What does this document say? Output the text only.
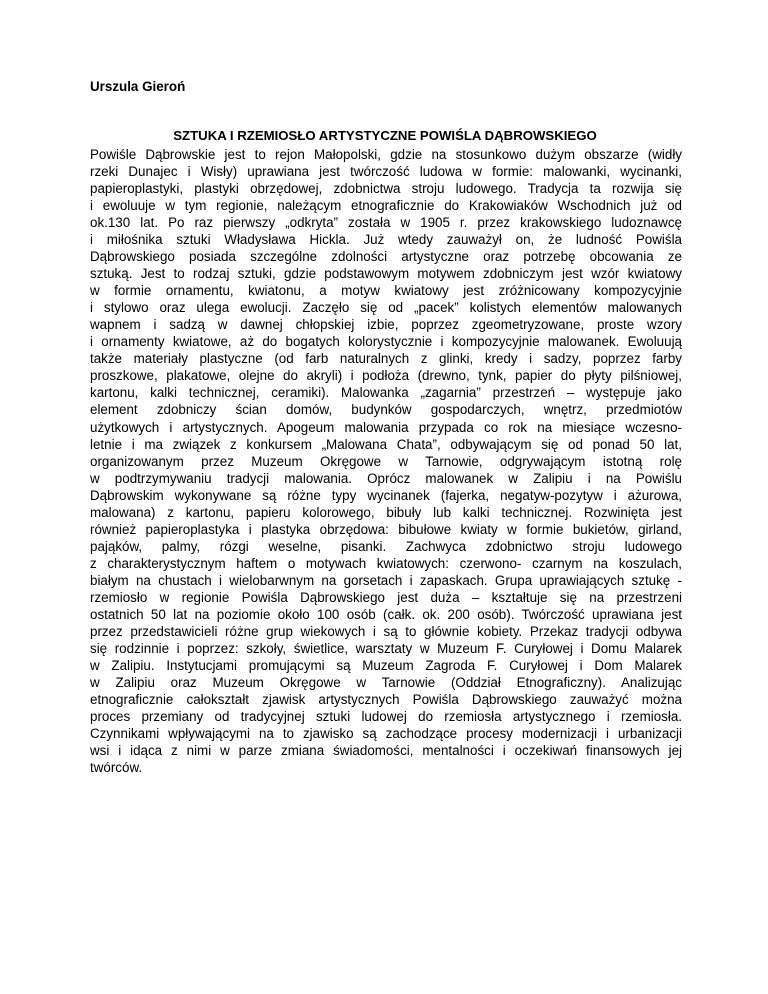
Urszula Gieroń
SZTUKA I RZEMIOSŁO ARTYSTYCZNE POWIŚLA DĄBROWSKIEGO
Powiśle Dąbrowskie jest to rejon Małopolski, gdzie na stosunkowo dużym obszarze (widły
rzeki Dunajec i Wisły) uprawiana jest twórczość ludowa w formie: malowanki, wycinanki,
papieroplastyki, plastyki obrzędowej, zdobnictwa stroju ludowego. Tradycja ta rozwija się
i ewoluuje w tym regionie, należącym etnograficznie do Krakowiaków Wschodnich już od
ok.130 lat. Po raz pierwszy „odkryta” została w 1905 r. przez krakowskiego ludoznawcę
i miłośnika sztuki Władysława Hickla. Już wtedy zauważył on, że ludność Powiśla
Dąbrowskiego posiada szczególne zdolności artystyczne oraz potrzebę obcowania ze
sztuką. Jest to rodzaj sztuki, gdzie podstawowym motywem zdobniczym jest wzór kwiatowy
w formie ornamentu, kwiatonu, a motyw kwiatowy jest zróżnicowany kompozycyjnie
i stylowo oraz ulega ewolucji. Zaczęło się od „pacek” kolistych elementów malowanych
wapnem i sadzą w dawnej chłopskiej izbie, poprzez zgeometryzowane, proste wzory
i ornamenty kwiatowe, aż do bogatych kolorystycznie i kompozycyjnie malowanek. Ewoluują
także materiały plastyczne (od farb naturalnych z glinki, kredy i sadzy, poprzez farby
proszkowe, plakatowe, olejne do akryli) i podłoża (drewno, tynk, papier do płyty pilśniowej,
kartonu, kalki technicznej, ceramiki). Malowanka „zagarnia” przestrzeń – występuje jako
element zdobniczy ścian domów, budynków gospodarczych, wnętrz, przedmiotów
użytkowych i artystycznych. Apogeum malowania przypada co rok na miesiące wczesno-
letnie i ma związek z konkursem „Malowana Chata”, odbywającym się od ponad 50 lat,
organizowanym przez Muzeum Okręgowe w Tarnowie, odgrywającym istotną rolę
w podtrzymywaniu tradycji malowania. Oprócz malowanek w Zalipiu i na Powiślu
Dąbrowskim wykonywane są różne typy wycinanek (fajerka, negatyw-pozytyw i ażurowa,
malowana) z kartonu, papieru kolorowego, bibuły lub kalki technicznej. Rozwinięta jest
również papieroplastyka i plastyka obrzędowa: bibułowe kwiaty w formie bukietów, girland,
pająków, palmy, rózgi weselne, pisanki. Zachwyca zdobnictwo stroju ludowego
z charakterystycznym haftem o motywach kwiatowych: czerwono- czarnym na koszulach,
białym na chustach i wielobarwnym na gorsetach i zapaskach. Grupa uprawiających sztukę -
rzemiosło w regionie Powiśla Dąbrowskiego jest duża – kształtuje się na przestrzeni
ostatnich 50 lat na poziomie około 100 osób (całk. ok. 200 osób). Twórczość uprawiana jest
przez przedstawicieli różne grup wiekowych i są to głównie kobiety. Przekaz tradycji odbywa
się rodzinnie i poprzez: szkoły, świetlice, warsztaty w Muzeum F. Curyłowej i Domu Malarek
w Zalipiu. Instytucjami promującymi są Muzeum Zagroda F. Curyłowej i Dom Malarek
w Zalipiu oraz Muzeum Okręgowe w Tarnowie (Oddział Etnograficzny). Analizując
etnograficznie całokształt zjawisk artystycznych Powiśla Dąbrowskiego zauważyć można
proces przemiany od tradycyjnej sztuki ludowej do rzemiosła artystycznego i rzemiosła.
Czynnikami wpływającymi na to zjawisko są zachodzące procesy modernizacji i urbanizacji
wsi i idąca z nimi w parze zmiana świadomości, mentalności i oczekiwań finansowych jej
twórców.
